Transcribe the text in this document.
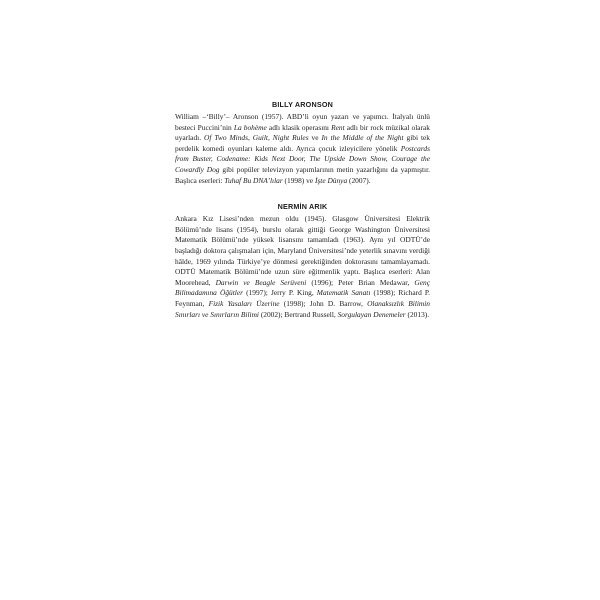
BILLY ARONSON

William –‘Billy’– Aronson (1957). ABD’li oyun yazarı ve yapımcı. İtalyalı ünlü besteci Puccini’nin La bohème adlı klasik operasını Rent adlı bir rock müzikal olarak uyarladı. Of Two Minds, Guilt, Night Rules ve In the Middle of the Night gibi tek perdelik komedi oyunları kaleme aldı. Ayrıca çocuk izleyicilere yönelik Postcards from Buster, Codename: Kids Next Door, The Upside Down Show, Courage the Cowardly Dog gibi popüler televizyon yapımlarının metin yazarlığını da yapmıştır. Başlıca eserleri: Tuhaf Bu DNA’lılar (1998) ve İşte Dünya (2007).

NERMİN ARIK

Ankara Kız Lisesi’nden mezun oldu (1945). Glasgow Üniversitesi Elektrik Bölümü’nde lisans (1954), burslu olarak gittiği George Washington Üniversitesi Matematik Bölümü’nde yüksek lisansını tamamladı (1963). Aynı yıl ODTÜ’de başladığı doktora çalışmaları için, Maryland Üniversitesi’nde yeterlik sınavını verdiği hâlde, 1969 yılında Türkiye’ye dönmesi gerektiğinden doktorasını tamamlayamadı. ODTÜ Matematik Bölümü’nde uzun süre eğitmenlik yaptı. Başlıca eserleri: Alan Moorehead, Darwin ve Beagle Serüveni (1996); Peter Brian Medawar, Genç Bilimadamına Öğütler (1997); Jerry P. King, Matematik Sanatı (1998); Richard P. Feynman, Fizik Yasaları Üzerine (1998); John D. Barrow, Olanaksızlık Bilimin Sınırları ve Sınırların Bilimi (2002); Bertrand Russell, Sorgulayan Denemeler (2013).
